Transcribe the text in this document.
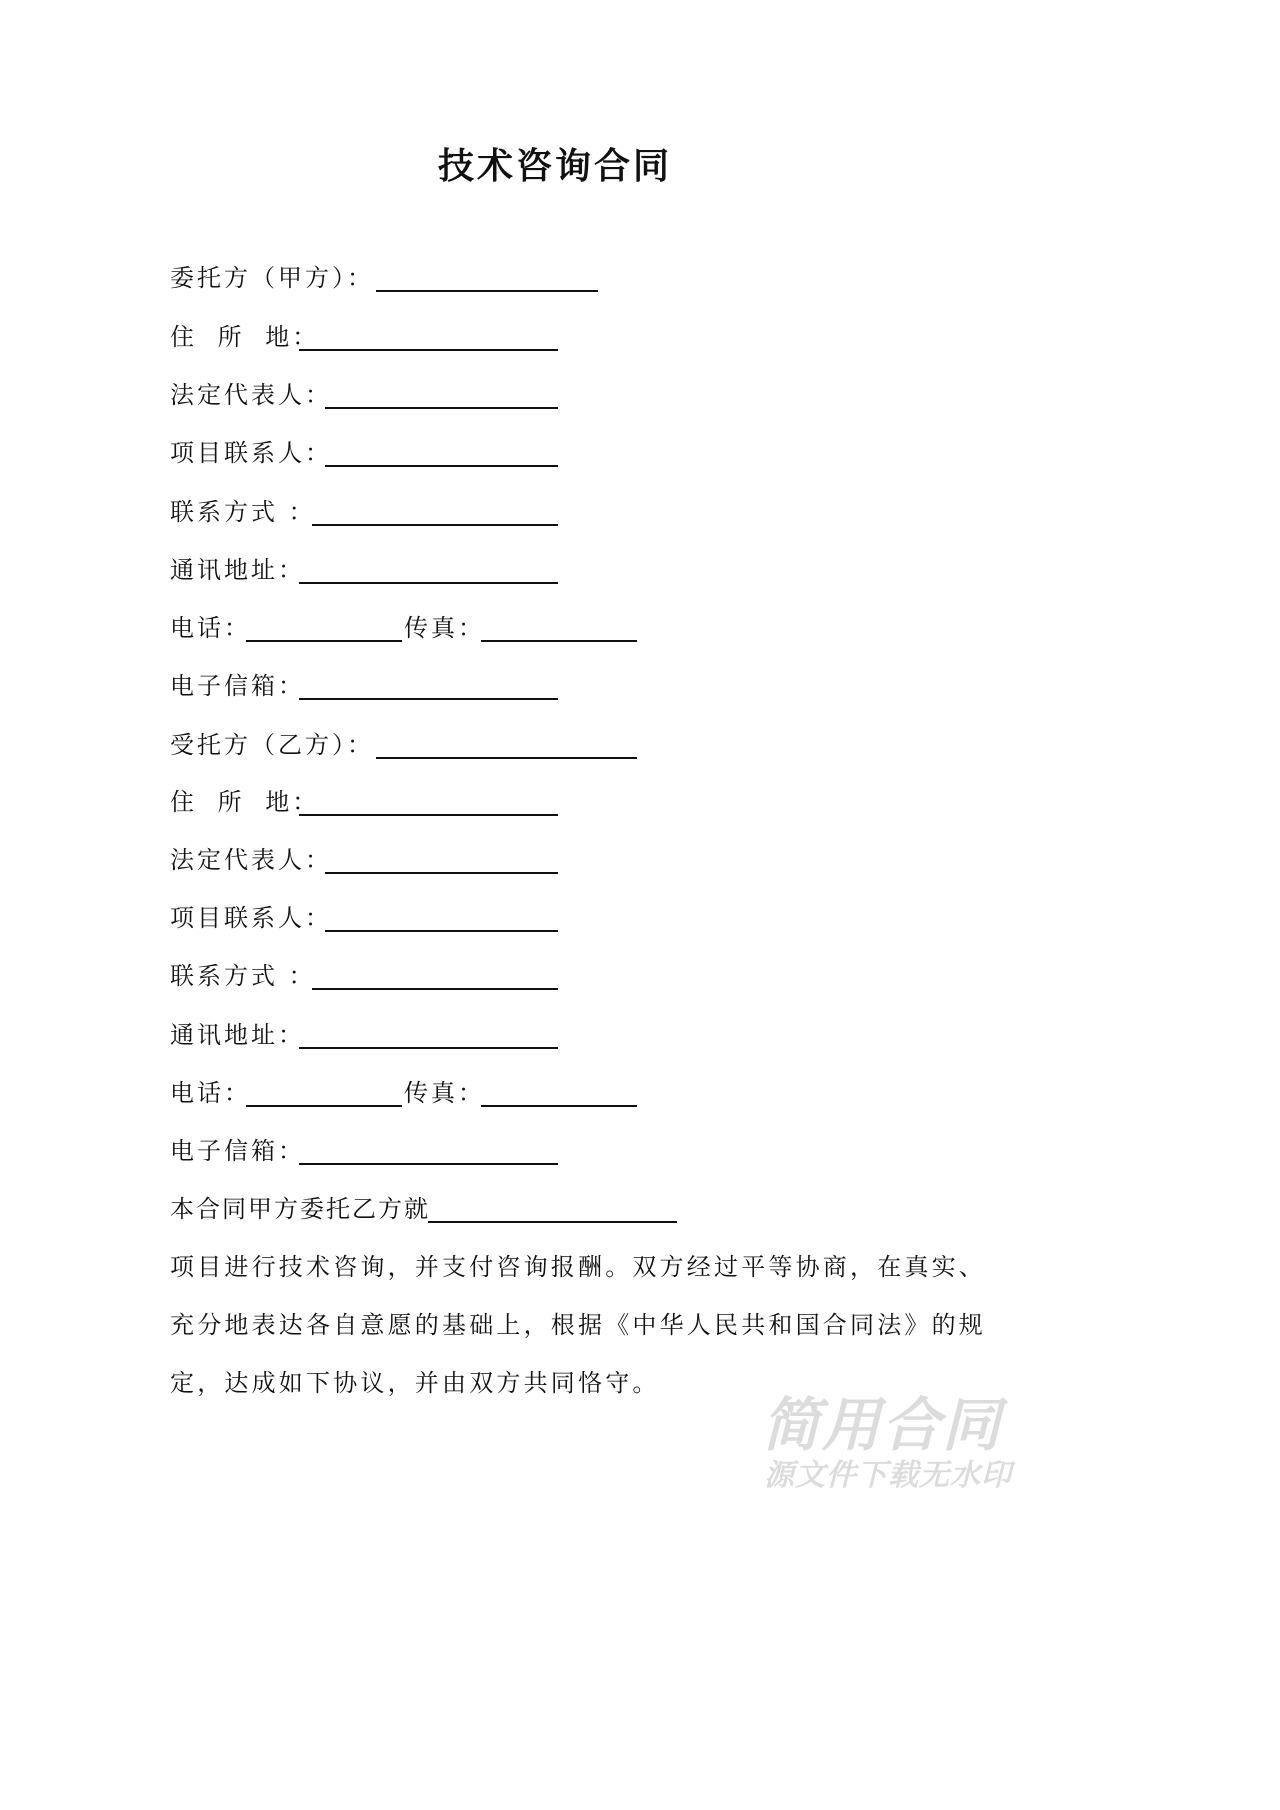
技术咨询合同
委托方（甲方）：
住 所 地：
法定代表人：
项目联系人：
联系方式 ：
通讯地址：
电话：	传真：
电子信箱：
受托方（乙方）：
住 所 地：
法定代表人：
项目联系人：
联系方式 ：
通讯地址：
电话：	传真：
电子信箱：
本合同甲方委托乙方就
项目进行技术咨询，并支付咨询报酬。双方经过平等协商，在真实、
充分地表达各自意愿的基础上，根据《中华人民共和国合同法》的规
定，达成如下协议，并由双方共同恪守。
简用合同
源文件下载无水印
